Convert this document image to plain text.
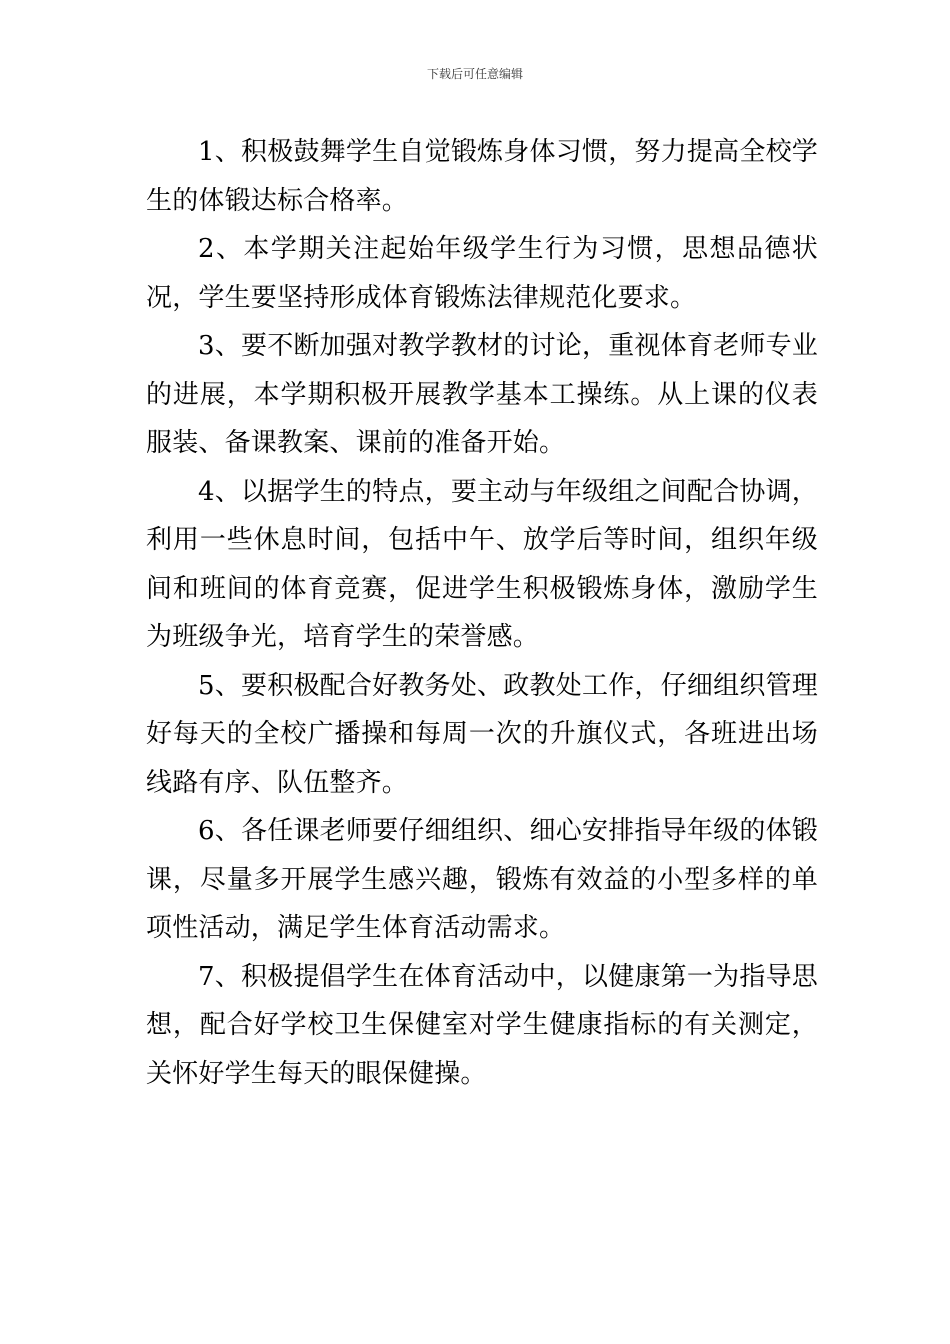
下载后可任意编辑

1、积极鼓舞学生自觉锻炼身体习惯，努力提高全校学生的体锻达标合格率。

2、本学期关注起始年级学生行为习惯，思想品德状况，学生要坚持形成体育锻炼法律规范化要求。

3、要不断加强对教学教材的讨论，重视体育老师专业的进展，本学期积极开展教学基本工操练。从上课的仪表服装、备课教案、课前的准备开始。

4、以据学生的特点，要主动与年级组之间配合协调，利用一些休息时间，包括中午、放学后等时间，组织年级间和班间的体育竞赛，促进学生积极锻炼身体，激励学生为班级争光，培育学生的荣誉感。

5、要积极配合好教务处、政教处工作，仔细组织管理好每天的全校广播操和每周一次的升旗仪式，各班进出场线路有序、队伍整齐。

6、各任课老师要仔细组织、细心安排指导年级的体锻课，尽量多开展学生感兴趣，锻炼有效益的小型多样的单项性活动，满足学生体育活动需求。

7、积极提倡学生在体育活动中，以健康第一为指导思想，配合好学校卫生保健室对学生健康指标的有关测定，关怀好学生每天的眼保健操。
